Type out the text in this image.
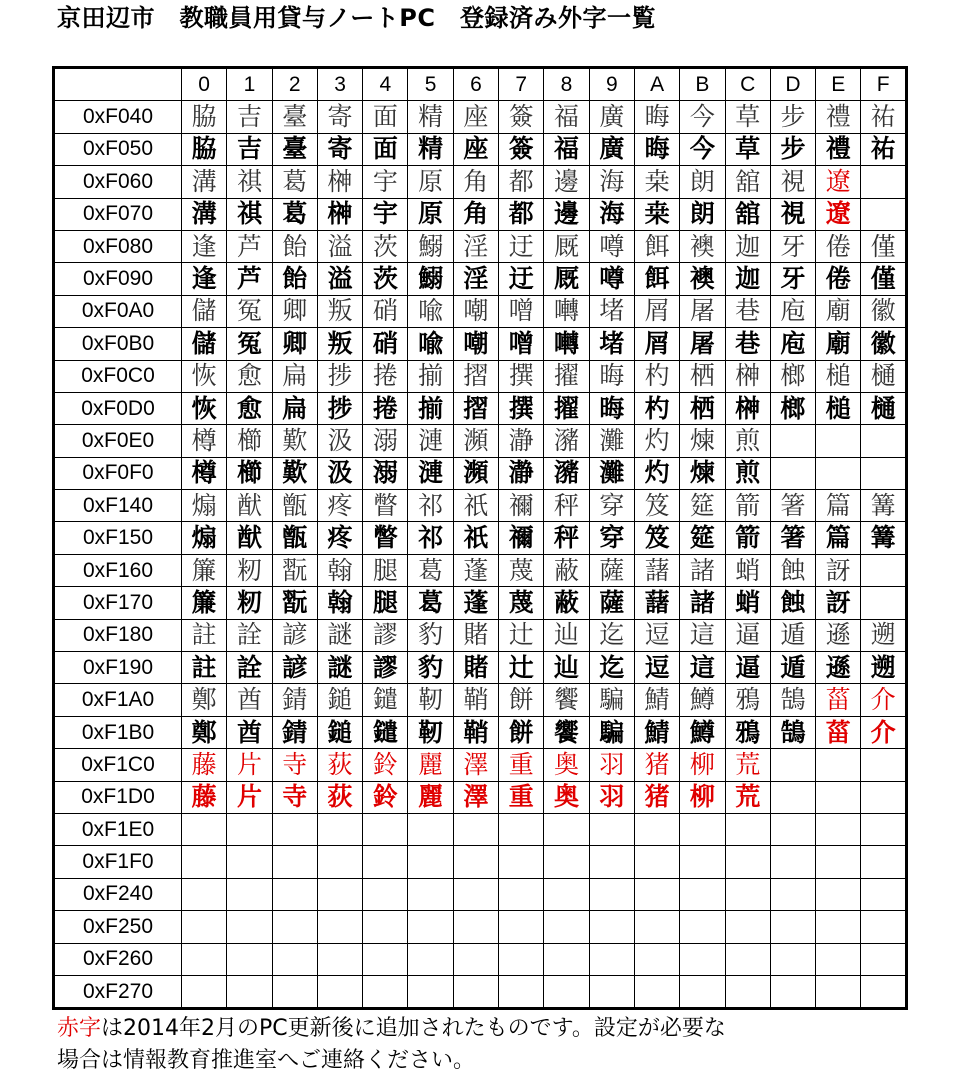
京田辺市　教職員用貸与ノートPC　登録済み外字一覧
	0	1	2	3	4	5	6	7	8	9	A	B	C	D	E	F
0xF040	脇	吉	臺	寄	面	精	座	簽	福	廣	晦	今	草	步	禮	祐
0xF050	脇	吉	臺	寄	面	精	座	簽	福	廣	晦	今	草	步	禮	祐
0xF060	溝	祺	葛	榊	宇	原	角	都	邊	海	桒	朗	舘	視	遼	
0xF070	溝	祺	葛	榊	宇	原	角	都	邊	海	桒	朗	舘	視	遼	
0xF080	逢	芦	飴	溢	茨	鰯	淫	迂	厩	噂	餌	襖	迦	牙	倦	僅
0xF090	逢	芦	飴	溢	茨	鰯	淫	迂	厩	噂	餌	襖	迦	牙	倦	僅
0xF0A0	儲	冤	卿	叛	硝	喩	嘲	噌	囀	堵	屑	屠	巷	庖	廟	徽
0xF0B0	儲	冤	卿	叛	硝	喩	嘲	噌	囀	堵	屑	屠	巷	庖	廟	徽
0xF0C0	恢	愈	扁	捗	捲	揃	摺	撰	擢	晦	杓	栖	榊	榔	槌	樋
0xF0D0	恢	愈	扁	捗	捲	揃	摺	撰	擢	晦	杓	栖	榊	榔	槌	樋
0xF0E0	樽	櫛	歎	汲	溺	漣	瀕	瀞	瀦	灘	灼	煉	煎			
0xF0F0	樽	櫛	歎	汲	溺	漣	瀕	瀞	瀦	灘	灼	煉	煎			
0xF140	煽	猷	甑	疼	瞥	祁	祇	禰	秤	穿	笈	筵	箭	箸	篇	篝
0xF150	煽	猷	甑	疼	瞥	祁	祇	禰	秤	穿	笈	筵	箭	箸	篇	篝
0xF160	簾	籾	翫	翰	腿	葛	蓬	蔑	蔽	薩	藷	諸	蛸	蝕	訝	
0xF170	簾	籾	翫	翰	腿	葛	蓬	蔑	蔽	薩	藷	諸	蛸	蝕	訝	
0xF180	註	詮	諺	謎	謬	豹	賭	辻	辿	迄	逗	這	逼	遁	遜	遡
0xF190	註	詮	諺	謎	謬	豹	賭	辻	辿	迄	逗	這	逼	遁	遜	遡
0xF1A0	鄭	酋	錆	鎚	鑓	靭	鞘	餅	饗	騙	鯖	鱒	鴉	鵠	菑	介
0xF1B0	鄭	酋	錆	鎚	鑓	靭	鞘	餅	饗	騙	鯖	鱒	鴉	鵠	菑	介
0xF1C0	藤	片	寺	荻	鈴	麗	澤	重	奥	羽	猪	柳	荒			
0xF1D0	藤	片	寺	荻	鈴	麗	澤	重	奥	羽	猪	柳	荒			
0xF1E0																
0xF1F0																
0xF240																
0xF250																
0xF260																
0xF270																
赤字は2014年2月のPC更新後に追加されたものです。設定が必要な
場合は情報教育推進室へご連絡ください。
